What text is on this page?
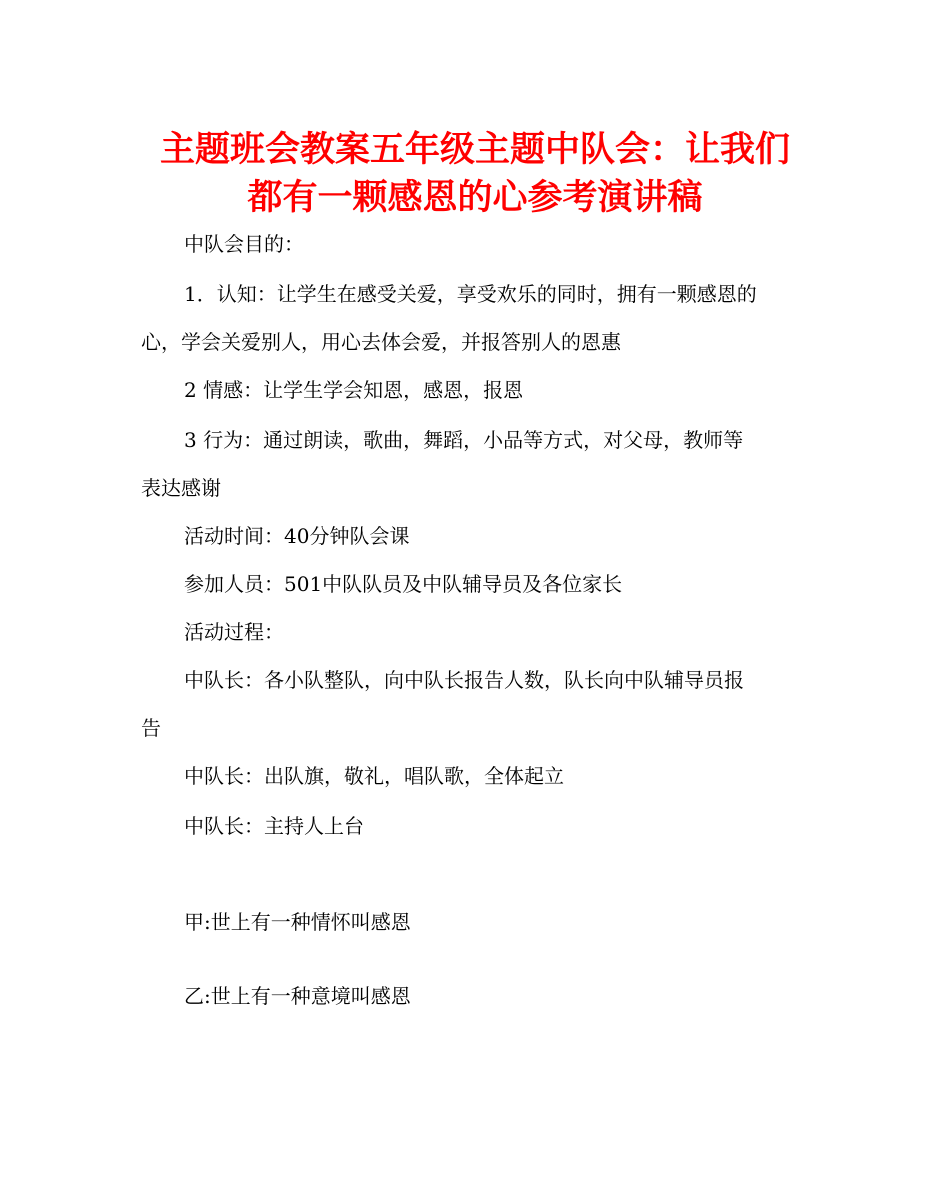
主题班会教案五年级主题中队会：让我们
都有一颗感恩的心参考演讲稿

中队会目的：

1．认知：让学生在感受关爱，享受欢乐的同时，拥有一颗感恩的

心，学会关爱别人，用心去体会爱，并报答别人的恩惠

2 情感：让学生学会知恩，感恩，报恩

3 行为：通过朗读，歌曲，舞蹈，小品等方式，对父母，教师等

表达感谢

活动时间：40分钟队会课

参加人员：501中队队员及中队辅导员及各位家长

活动过程：

中队长：各小队整队，向中队长报告人数，队长向中队辅导员报

告

中队长：出队旗，敬礼，唱队歌，全体起立

中队长：主持人上台

甲:世上有一种情怀叫感恩

乙:世上有一种意境叫感恩
